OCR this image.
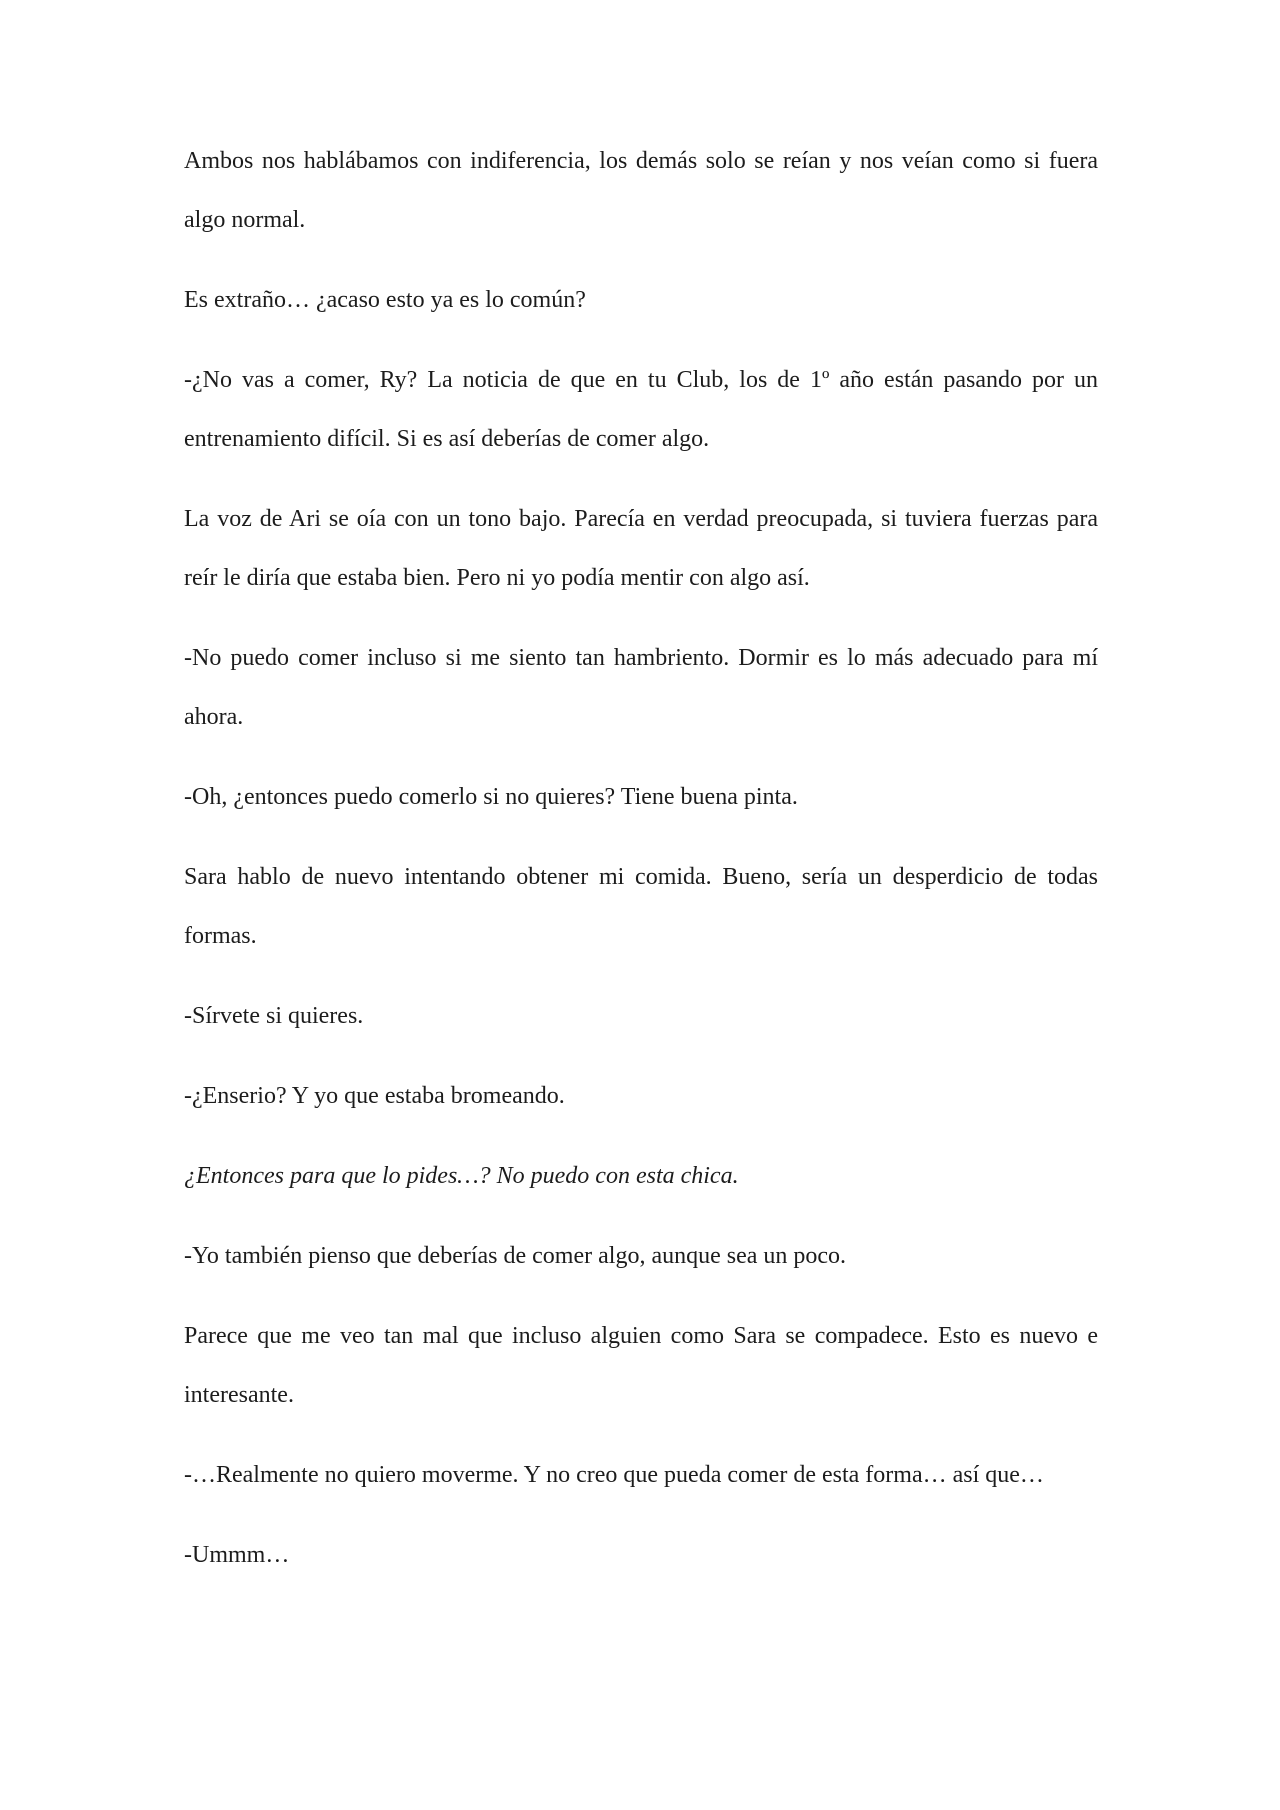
Ambos nos hablábamos con indiferencia, los demás solo se reían y nos veían como si fuera algo normal.

Es extraño… ¿acaso esto ya es lo común?

-¿No vas a comer, Ry? La noticia de que en tu Club, los de 1º año están pasando por un entrenamiento difícil. Si es así deberías de comer algo.

La voz de Ari se oía con un tono bajo. Parecía en verdad preocupada, si tuviera fuerzas para reír le diría que estaba bien. Pero ni yo podía mentir con algo así.

-No puedo comer incluso si me siento tan hambriento. Dormir es lo más adecuado para mí ahora.

-Oh, ¿entonces puedo comerlo si no quieres? Tiene buena pinta.

Sara hablo de nuevo intentando obtener mi comida. Bueno, sería un desperdicio de todas formas.

-Sírvete si quieres.

-¿Enserio? Y yo que estaba bromeando.

¿Entonces para que lo pides…? No puedo con esta chica.

-Yo también pienso que deberías de comer algo, aunque sea un poco.

Parece que me veo tan mal que incluso alguien como Sara se compadece. Esto es nuevo e interesante.

-…Realmente no quiero moverme. Y no creo que pueda comer de esta forma… así que…

-Ummm…
